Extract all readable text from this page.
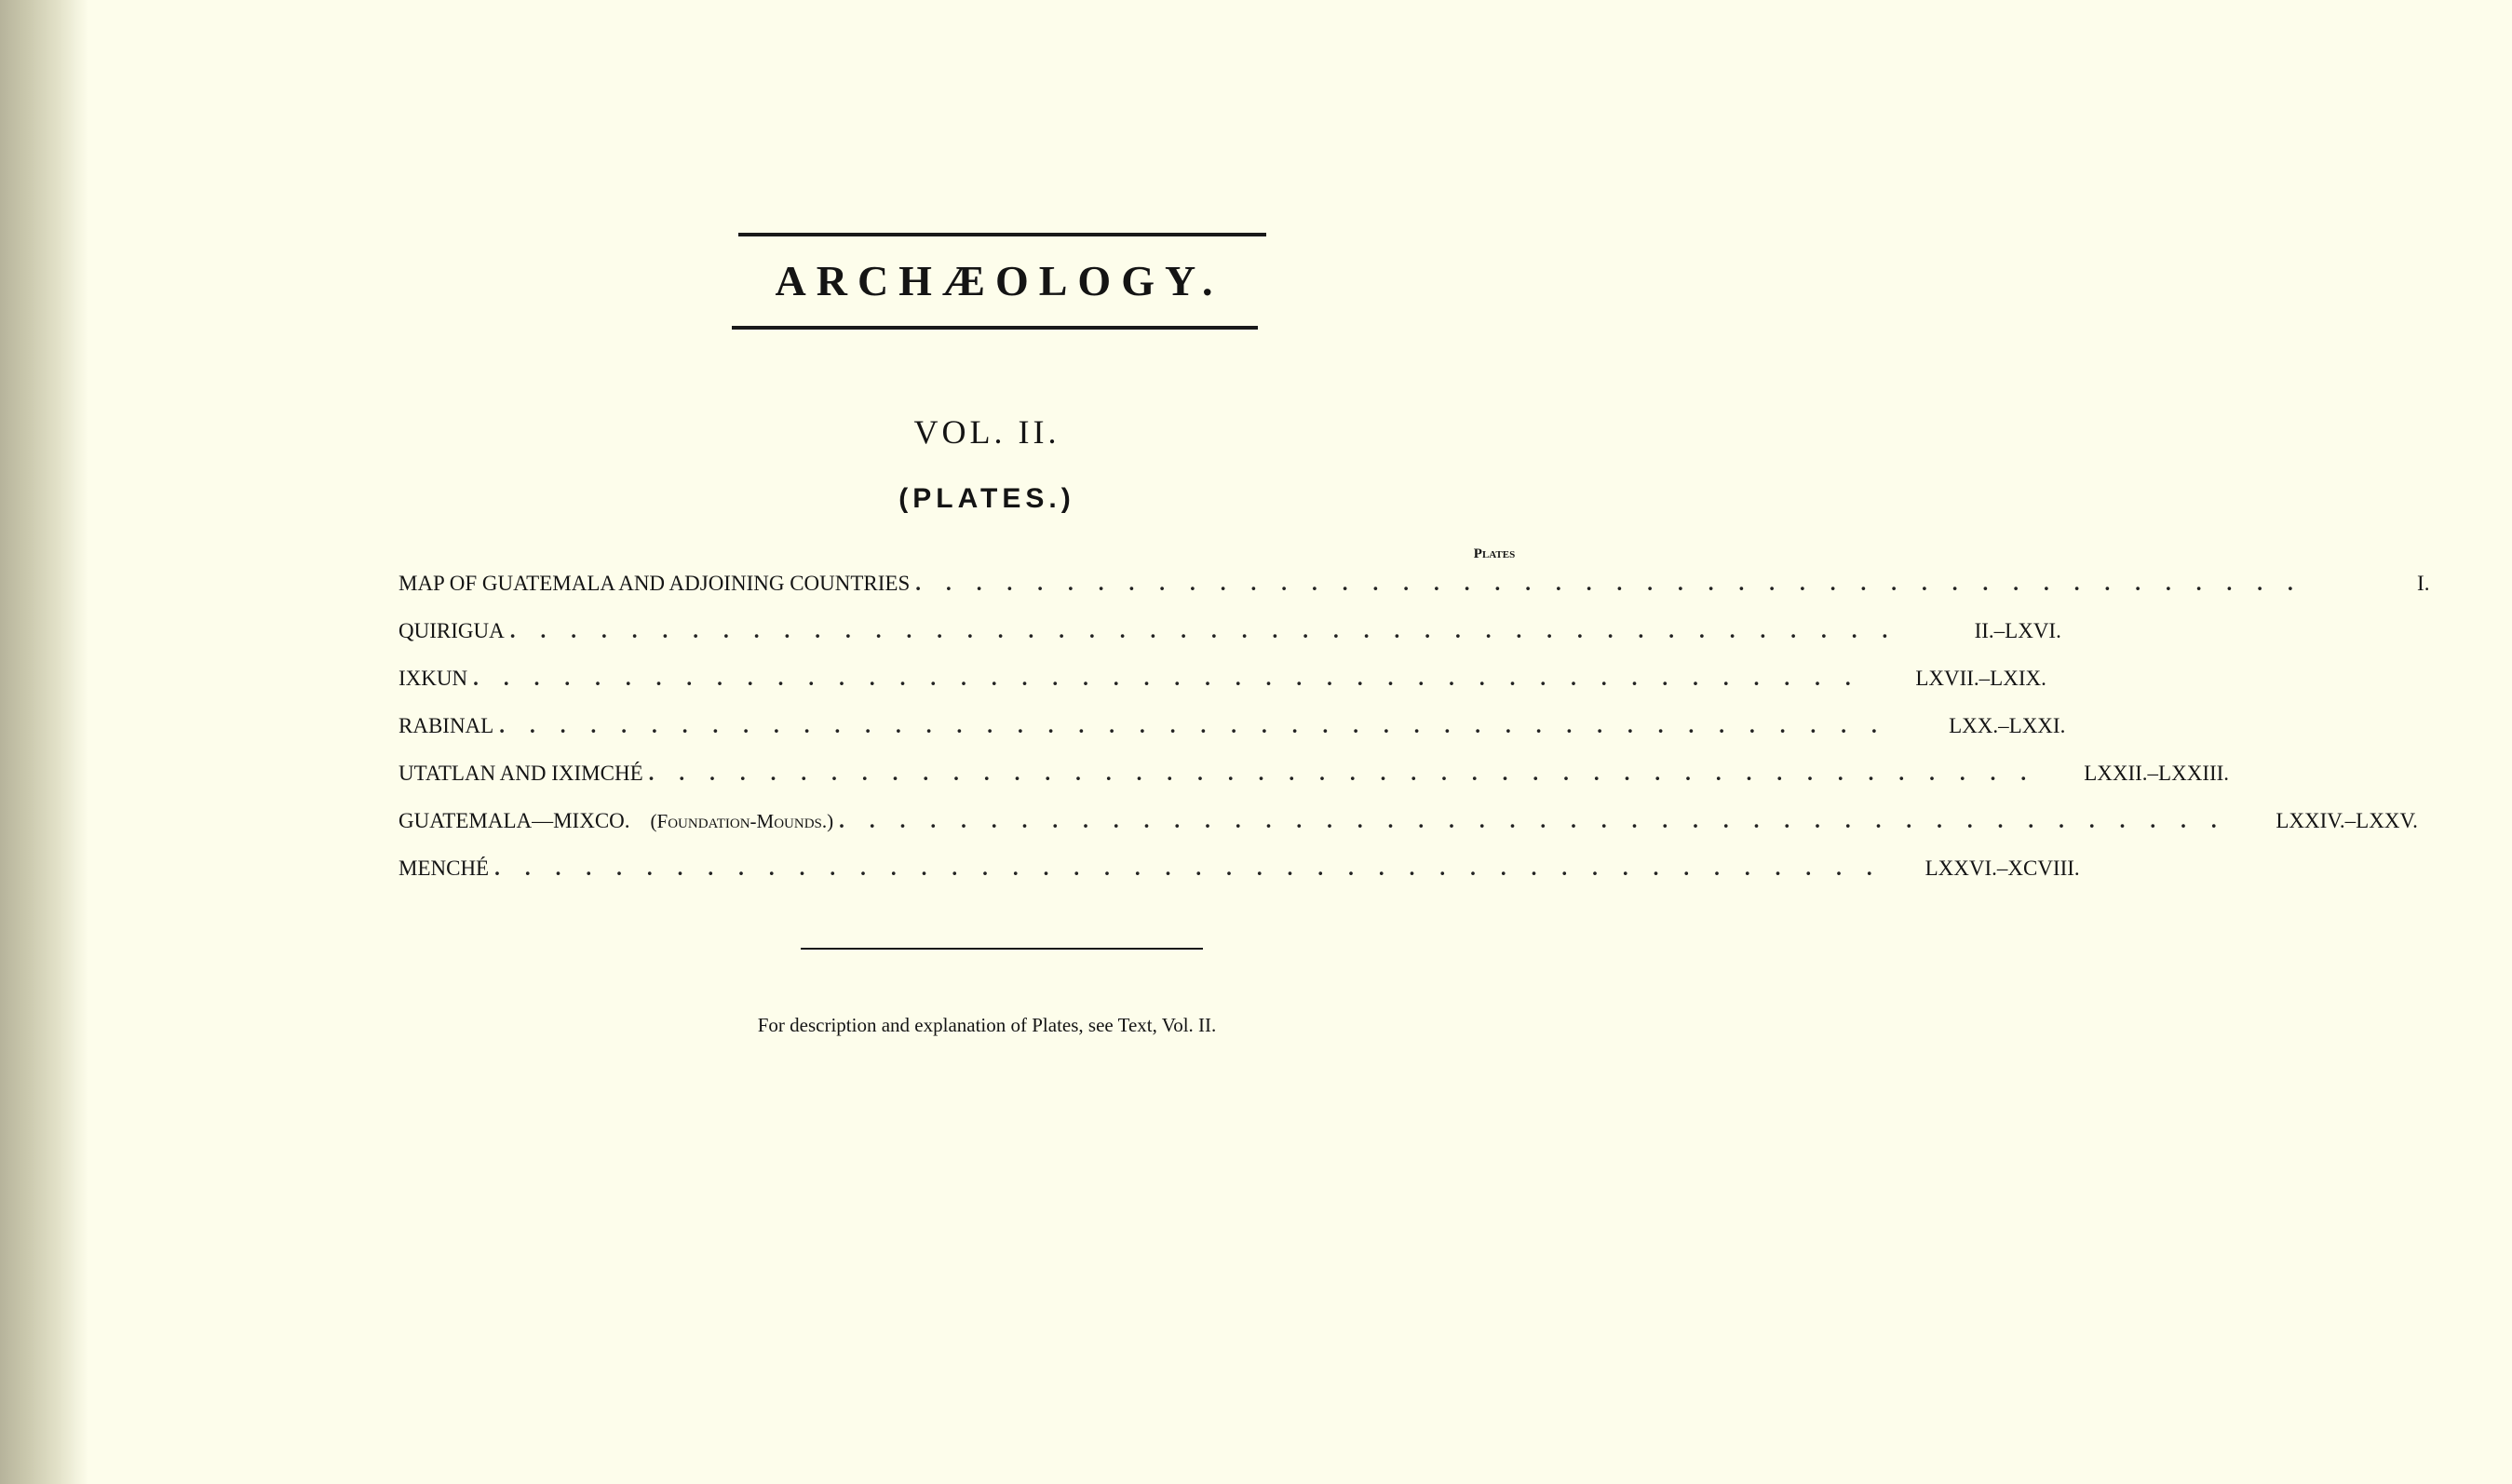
ARCHÆOLOGY.
VOL. II.
(PLATES.)
Plates
MAP OF GUATEMALA AND ADJOINING COUNTRIES ..............................................	I.
QUIRIGUA ..............................................	II.–LXVI.
IXKUN ..............................................	LXVII.–LXIX.
RABINAL ..............................................	LXX.–LXXI.
UTATLAN AND IXIMCHÉ ..............................................	LXXII.–LXXIII.
GUATEMALA—MIXCO. (Foundation-Mounds.) ..............................................	LXXIV.–LXXV.
MENCHÉ ..............................................	LXXVI.–XCVIII.
For description and explanation of Plates, see Text, Vol. II.
